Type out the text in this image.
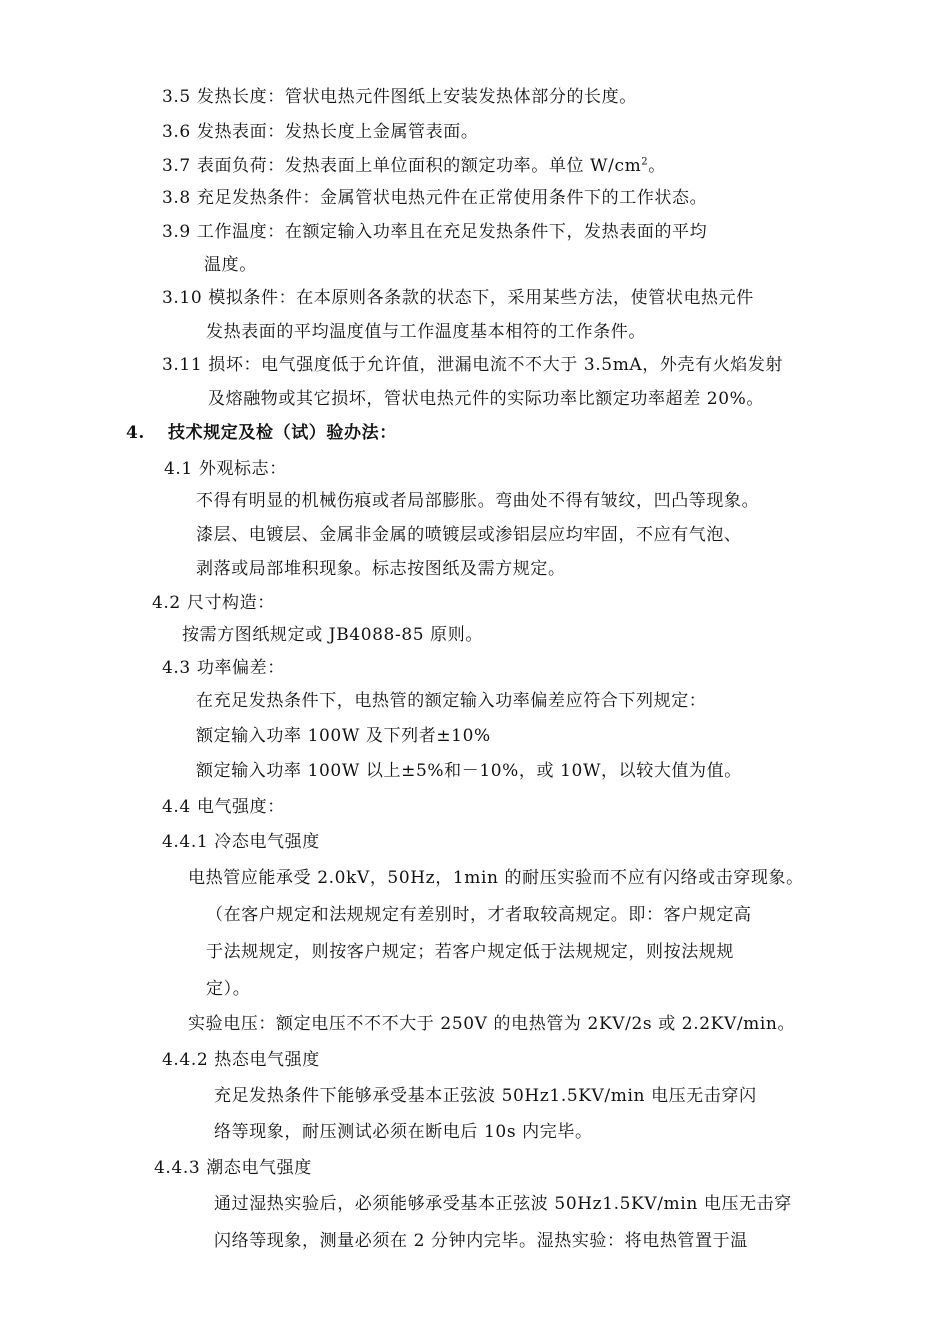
3.5 发热长度：管状电热元件图纸上安装发热体部分的长度。
3.6 发热表面：发热长度上金属管表面。
3.7 表面负荷：发热表面上单位面积的额定功率。单位 $W/cm^2$。
3.8 充足发热条件：金属管状电热元件在正常使用条件下的工作状态。
3.9 工作温度：在额定输入功率且在充足发热条件下，发热表面的平均
温度。
3.10 模拟条件：在本原则各条款的状态下，采用某些方法，使管状电热元件
发热表面的平均温度值与工作温度基本相符的工作条件。
3.11 损坏：电气强度低于允许值，泄漏电流不不大于 3.5mA，外壳有火焰发射
及熔融物或其它损坏，管状电热元件的实际功率比额定功率超差 20%。
4. 技术规定及检（试）验办法：
4.1 外观标志：
不得有明显的机械伤痕或者局部膨胀。弯曲处不得有皱纹，凹凸等现象。
漆层、电镀层、金属非金属的喷镀层或渗铝层应均牢固，不应有气泡、
剥落或局部堆积现象。标志按图纸及需方规定。
4.2 尺寸构造：
按需方图纸规定或 JB4088-85 原则。
4.3 功率偏差：
在充足发热条件下，电热管的额定输入功率偏差应符合下列规定：
额定输入功率 100W 及下列者±10%
额定输入功率 100W 以上±5%和－10%，或 10W，以较大值为值。
4.4 电气强度：
4.4.1 冷态电气强度
电热管应能承受 2.0kV，50Hz，1min 的耐压实验而不应有闪络或击穿现象。
（在客户规定和法规规定有差别时，才者取较高规定。即：客户规定高
于法规规定，则按客户规定；若客户规定低于法规规定，则按法规规
定）。
实验电压：额定电压不不不大于 250V 的电热管为 2KV/2s 或 2.2KV/min。
4.4.2 热态电气强度
充足发热条件下能够承受基本正弦波 50Hz1.5KV/min 电压无击穿闪
络等现象，耐压测试必须在断电后 10s 内完毕。
4.4.3 潮态电气强度
通过湿热实验后，必须能够承受基本正弦波 50Hz1.5KV/min 电压无击穿
闪络等现象，测量必须在 2 分钟内完毕。湿热实验：将电热管置于温
